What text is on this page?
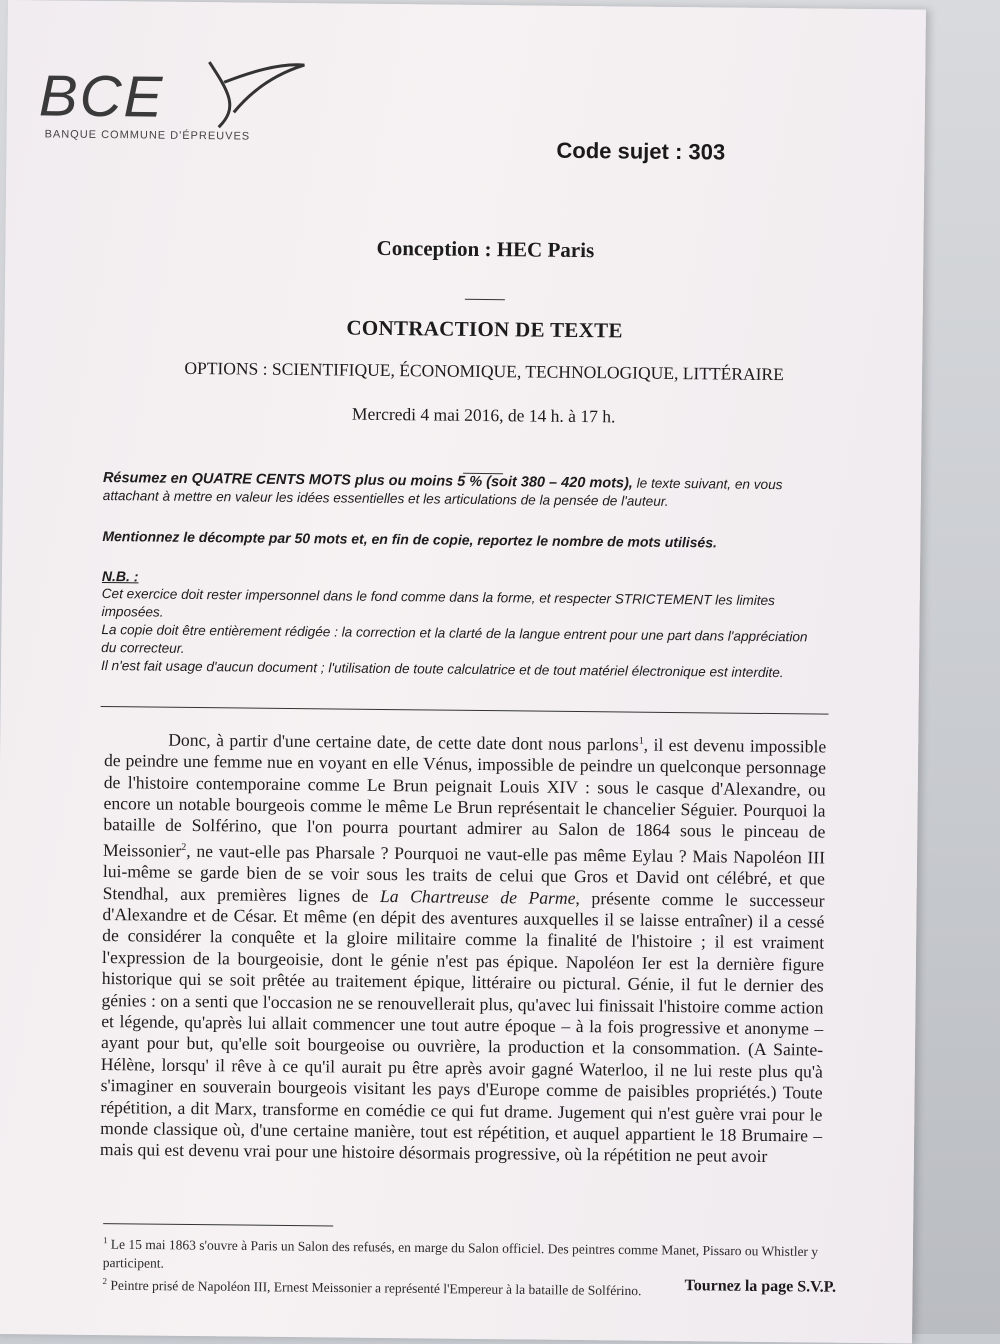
BCE
BANQUE COMMUNE D'ÉPREUVES
Code sujet : 303
Conception : HEC Paris
CONTRACTION DE TEXTE
OPTIONS : SCIENTIFIQUE, ÉCONOMIQUE, TECHNOLOGIQUE, LITTÉRAIRE
Mercredi 4 mai 2016, de 14 h. à 17 h.
Résumez en QUATRE CENTS MOTS plus ou moins 5 % (soit 380 – 420 mots), le texte suivant, en vous attachant à mettre en valeur les idées essentielles et les articulations de la pensée de l'auteur.
Mentionnez le décompte par 50 mots et, en fin de copie, reportez le nombre de mots utilisés.
N.B. :

Cet exercice doit rester impersonnel dans le fond comme dans la forme, et respecter STRICTEMENT les limites imposées.

La copie doit être entièrement rédigée : la correction et la clarté de la langue entrent pour une part dans l'appréciation du correcteur.

Il n'est fait usage d'aucun document ; l'utilisation de toute calculatrice et de tout matériel électronique est interdite.

Donc, à partir d'une certaine date, de cette date dont nous parlons$^1$, il est devenu impossible de peindre une femme nue en voyant en elle Vénus, impossible de peindre un quelconque personnage de l'histoire contemporaine comme Le Brun peignait Louis XIV : sous le casque d'Alexandre, ou encore un notable bourgeois comme le même Le Brun représentait le chancelier Séguier. Pourquoi la bataille de Solférino, que l'on pourra pourtant admirer au Salon de 1864 sous le pinceau de Meissonier$^2$, ne vaut-elle pas Pharsale ? Pourquoi ne vaut-elle pas même Eylau ? Mais Napoléon III lui-même se garde bien de se voir sous les traits de celui que Gros et David ont célébré, et que Stendhal, aux premières lignes de La Chartreuse de Parme, présente comme le successeur d'Alexandre et de César. Et même (en dépit des aventures auxquelles il se laisse entraîner) il a cessé de considérer la conquête et la gloire militaire comme la finalité de l'histoire ; il est vraiment l'expression de la bourgeoisie, dont le génie n'est pas épique. Napoléon Ier est la dernière figure historique qui se soit prêtée au traitement épique, littéraire ou pictural. Génie, il fut le dernier des génies : on a senti que l'occasion ne se renouvellerait plus, qu'avec lui finissait l'histoire comme action et légende, qu'après lui allait commencer une tout autre époque – à la fois progressive et anonyme – ayant pour but, qu'elle soit bourgeoise ou ouvrière, la production et la consommation. (A Sainte-Hélène, lorsqu' il rêve à ce qu'il aurait pu être après avoir gagné Waterloo, il ne lui reste plus qu'à s'imaginer en souverain bourgeois visitant les pays d'Europe comme de paisibles propriétés.) Toute répétition, a dit Marx, transforme en comédie ce qui fut drame. Jugement qui n'est guère vrai pour le monde classique où, d'une certaine manière, tout est répétition, et auquel appartient le 18 Brumaire – mais qui est devenu vrai pour une histoire désormais progressive, où la répétition ne peut avoir

$^1$ Le 15 mai 1863 s'ouvre à Paris un Salon des refusés, en marge du Salon officiel. Des peintres comme Manet, Pissaro ou Whistler y participent.

$^2$ Peintre prisé de Napoléon III, Ernest Meissonier a représenté l'Empereur à la bataille de Solférino.	Tournez la page S.V.P.
